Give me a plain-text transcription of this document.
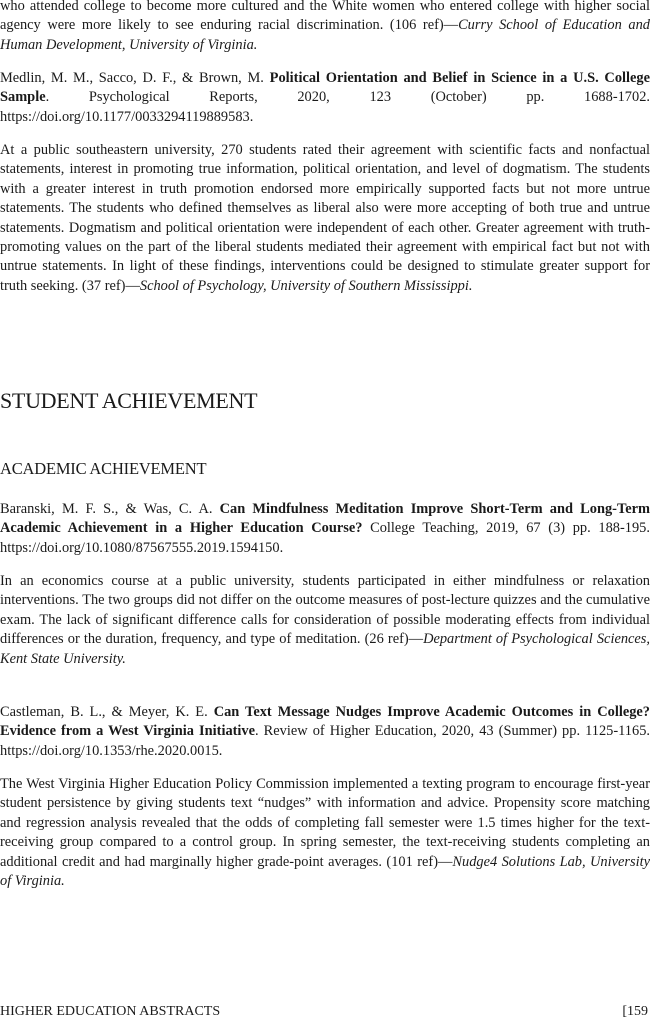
who attended college to become more cultured and the White women who entered college with higher social agency were more likely to see enduring racial discrimination. (106 ref)—Curry School of Education and Human Development, University of Virginia.

Medlin, M. M., Sacco, D. F., & Brown, M. Political Orientation and Belief in Science in a U.S. College Sample. Psychological Reports, 2020, 123 (October) pp. 1688-1702. https://doi.org/10.1177/0033294119889583.

At a public southeastern university, 270 students rated their agreement with scientific facts and nonfactual statements, interest in promoting true information, political orientation, and level of dogmatism. The students with a greater interest in truth promotion endorsed more empirically supported facts but not more untrue statements. The students who defined themselves as liberal also were more accepting of both true and untrue statements. Dogmatism and political orientation were independent of each other. Greater agreement with truth-promoting values on the part of the liberal students mediated their agreement with empirical fact but not with untrue statements. In light of these findings, interventions could be designed to stimulate greater support for truth seeking. (37 ref)—School of Psychology, University of Southern Mississippi.

STUDENT ACHIEVEMENT
ACADEMIC ACHIEVEMENT

Baranski, M. F. S., & Was, C. A. Can Mindfulness Meditation Improve Short-Term and Long-Term Academic Achievement in a Higher Education Course? College Teaching, 2019, 67 (3) pp. 188-195. https://doi.org/10.1080/87567555.2019.1594150.

In an economics course at a public university, students participated in either mindfulness or relaxation interventions. The two groups did not differ on the outcome measures of post-lecture quizzes and the cumulative exam. The lack of significant difference calls for consideration of possible moderating effects from individual differences or the duration, frequency, and type of meditation. (26 ref)—Department of Psychological Sciences, Kent State University.

Castleman, B. L., & Meyer, K. E. Can Text Message Nudges Improve Academic Outcomes in College? Evidence from a West Virginia Initiative. Review of Higher Education, 2020, 43 (Summer) pp. 1125-1165. https://doi.org/10.1353/rhe.2020.0015.

The West Virginia Higher Education Policy Commission implemented a texting program to encourage first-year student persistence by giving students text “nudges” with information and advice. Propensity score matching and regression analysis revealed that the odds of completing fall semester were 1.5 times higher for the text-receiving group compared to a control group. In spring semester, the text-receiving students completing an additional credit and had marginally higher grade-point averages. (101 ref)—Nudge4 Solutions Lab, University of Virginia.

HIGHER EDUCATION ABSTRACTS	[159
